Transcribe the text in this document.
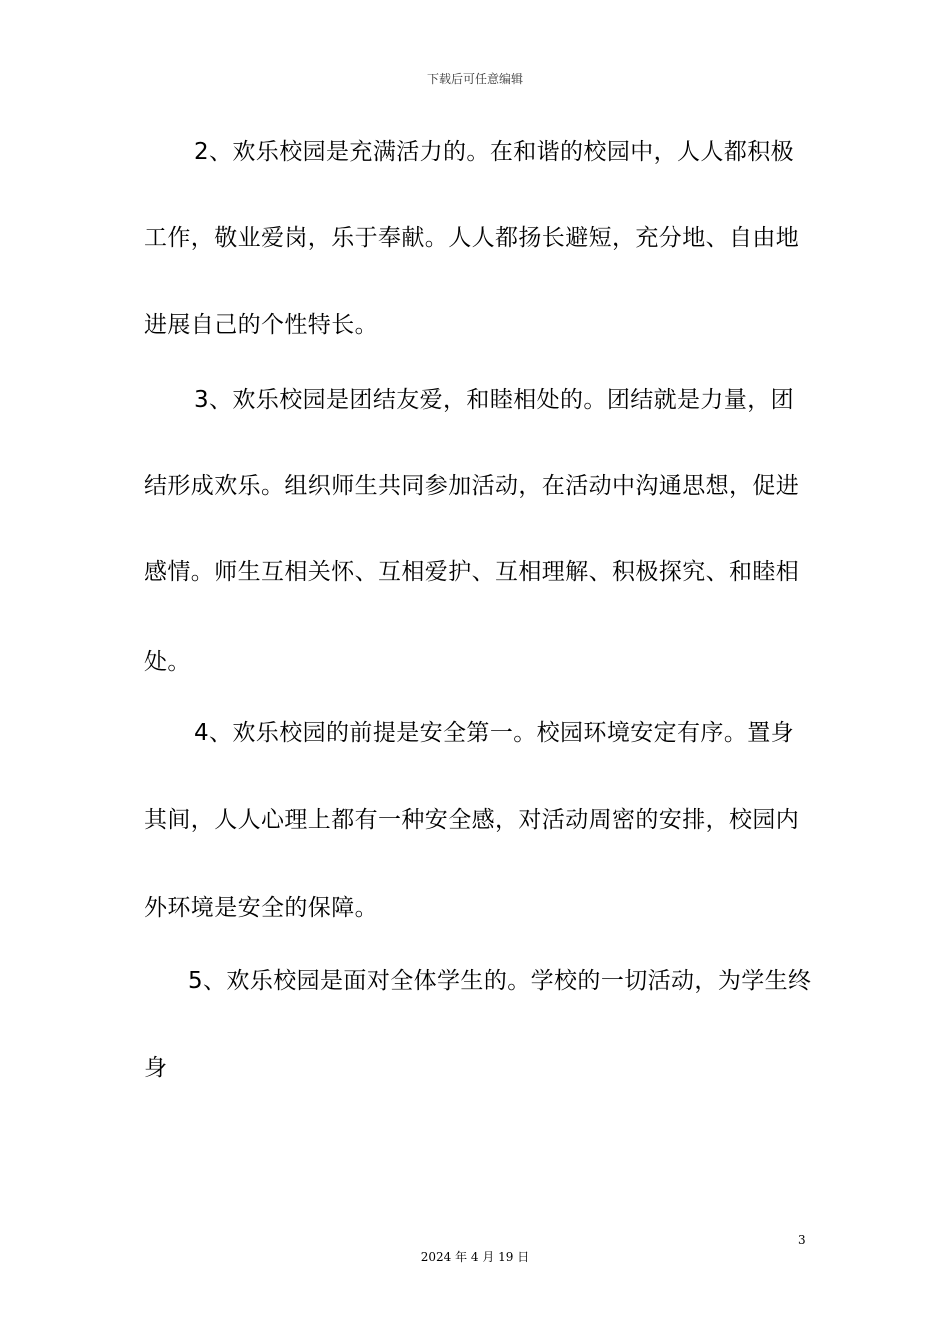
下载后可任意编辑
2、欢乐校园是充满活力的。在和谐的校园中，人人都积极
工作，敬业爱岗，乐于奉献。人人都扬长避短，充分地、自由地
进展自己的个性特长。
3、欢乐校园是团结友爱，和睦相处的。团结就是力量，团
结形成欢乐。组织师生共同参加活动，在活动中沟通思想，促进
感情。师生互相关怀、互相爱护、互相理解、积极探究、和睦相
处。
4、欢乐校园的前提是安全第一。校园环境安定有序。置身
其间，人人心理上都有一种安全感，对活动周密的安排，校园内
外环境是安全的保障。
5、欢乐校园是面对全体学生的。学校的一切活动，为学生终
身
3
2024 年 4 月 19 日
